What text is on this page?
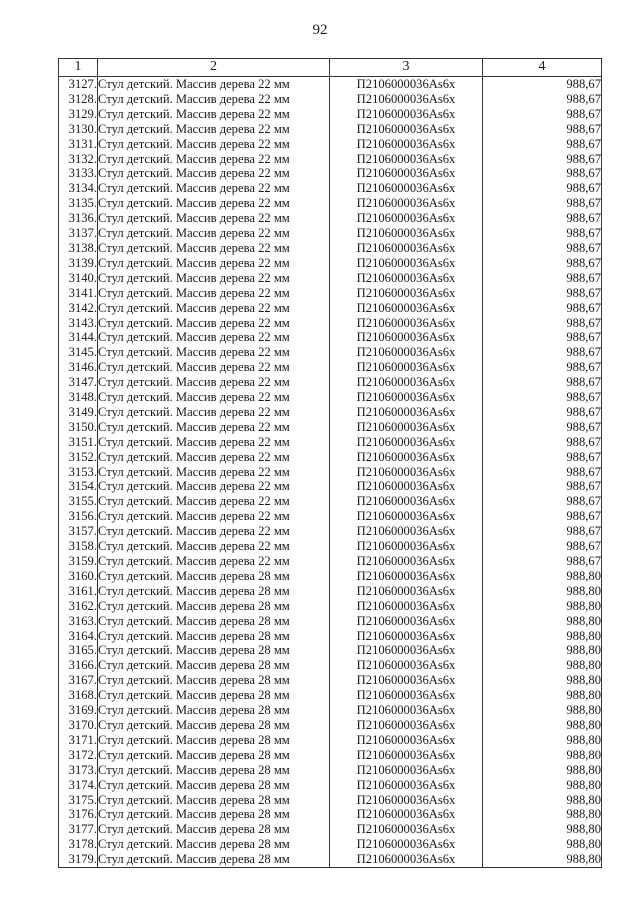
92
1	2	3	4
3127.	Стул детский. Массив дерева 22 мм	П2106000036Аs6х	988,67
3128.	Стул детский. Массив дерева 22 мм	П2106000036Аs6х	988,67
3129.	Стул детский. Массив дерева 22 мм	П2106000036Аs6х	988,67
3130.	Стул детский. Массив дерева 22 мм	П2106000036Аs6х	988,67
3131.	Стул детский. Массив дерева 22 мм	П2106000036Аs6х	988,67
3132.	Стул детский. Массив дерева 22 мм	П2106000036Аs6х	988,67
3133.	Стул детский. Массив дерева 22 мм	П2106000036Аs6х	988,67
3134.	Стул детский. Массив дерева 22 мм	П2106000036Аs6х	988,67
3135.	Стул детский. Массив дерева 22 мм	П2106000036Аs6х	988,67
3136.	Стул детский. Массив дерева 22 мм	П2106000036Аs6х	988,67
3137.	Стул детский. Массив дерева 22 мм	П2106000036Аs6х	988,67
3138.	Стул детский. Массив дерева 22 мм	П2106000036Аs6х	988,67
3139.	Стул детский. Массив дерева 22 мм	П2106000036Аs6х	988,67
3140.	Стул детский. Массив дерева 22 мм	П2106000036Аs6х	988,67
3141.	Стул детский. Массив дерева 22 мм	П2106000036Аs6х	988,67
3142.	Стул детский. Массив дерева 22 мм	П2106000036Аs6х	988,67
3143.	Стул детский. Массив дерева 22 мм	П2106000036Аs6х	988,67
3144.	Стул детский. Массив дерева 22 мм	П2106000036Аs6х	988,67
3145.	Стул детский. Массив дерева 22 мм	П2106000036Аs6х	988,67
3146.	Стул детский. Массив дерева 22 мм	П2106000036Аs6х	988,67
3147.	Стул детский. Массив дерева 22 мм	П2106000036Аs6х	988,67
3148.	Стул детский. Массив дерева 22 мм	П2106000036Аs6х	988,67
3149.	Стул детский. Массив дерева 22 мм	П2106000036Аs6х	988,67
3150.	Стул детский. Массив дерева 22 мм	П2106000036Аs6х	988,67
3151.	Стул детский. Массив дерева 22 мм	П2106000036Аs6х	988,67
3152.	Стул детский. Массив дерева 22 мм	П2106000036Аs6х	988,67
3153.	Стул детский. Массив дерева 22 мм	П2106000036Аs6х	988,67
3154.	Стул детский. Массив дерева 22 мм	П2106000036Аs6х	988,67
3155.	Стул детский. Массив дерева 22 мм	П2106000036Аs6х	988,67
3156.	Стул детский. Массив дерева 22 мм	П2106000036Аs6х	988,67
3157.	Стул детский. Массив дерева 22 мм	П2106000036Аs6х	988,67
3158.	Стул детский. Массив дерева 22 мм	П2106000036Аs6х	988,67
3159.	Стул детский. Массив дерева 22 мм	П2106000036Аs6х	988,67
3160.	Стул детский. Массив дерева 28 мм	П2106000036Аs6х	988,80
3161.	Стул детский. Массив дерева 28 мм	П2106000036Аs6х	988,80
3162.	Стул детский. Массив дерева 28 мм	П2106000036Аs6х	988,80
3163.	Стул детский. Массив дерева 28 мм	П2106000036Аs6х	988,80
3164.	Стул детский. Массив дерева 28 мм	П2106000036Аs6х	988,80
3165.	Стул детский. Массив дерева 28 мм	П2106000036Аs6х	988,80
3166.	Стул детский. Массив дерева 28 мм	П2106000036Аs6х	988,80
3167.	Стул детский. Массив дерева 28 мм	П2106000036Аs6х	988,80
3168.	Стул детский. Массив дерева 28 мм	П2106000036Аs6х	988,80
3169.	Стул детский. Массив дерева 28 мм	П2106000036Аs6х	988,80
3170.	Стул детский. Массив дерева 28 мм	П2106000036Аs6х	988,80
3171.	Стул детский. Массив дерева 28 мм	П2106000036Аs6х	988,80
3172.	Стул детский. Массив дерева 28 мм	П2106000036Аs6х	988,80
3173.	Стул детский. Массив дерева 28 мм	П2106000036Аs6х	988,80
3174.	Стул детский. Массив дерева 28 мм	П2106000036Аs6х	988,80
3175.	Стул детский. Массив дерева 28 мм	П2106000036Аs6х	988,80
3176.	Стул детский. Массив дерева 28 мм	П2106000036Аs6х	988,80
3177.	Стул детский. Массив дерева 28 мм	П2106000036Аs6х	988,80
3178.	Стул детский. Массив дерева 28 мм	П2106000036Аs6х	988,80
3179.	Стул детский. Массив дерева 28 мм	П2106000036Аs6х	988,80
